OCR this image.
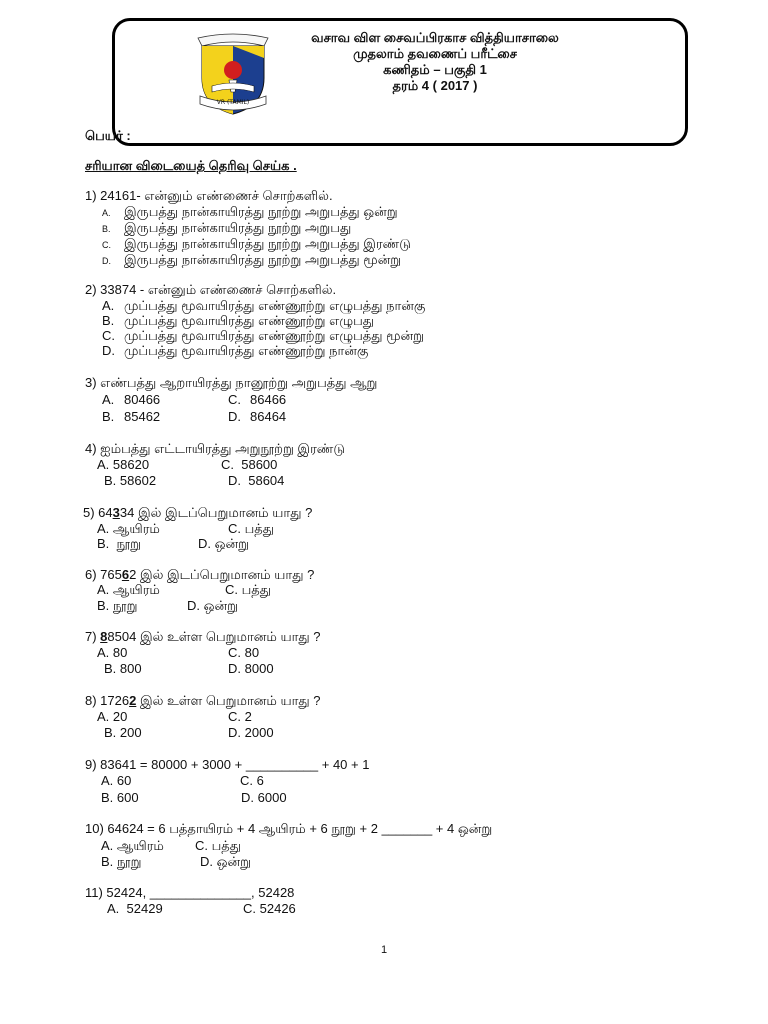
VR (TAMIL)
வசாவ விள சைவப்பிரகாச வித்தியாசாலை
முதலாம் தவணைப் பரீட்சை
கணிதம் – பகுதி 1
தரம் 4 ( 2017 )
பெயர் :
சரியான விடையைத் தெரிவு செய்க .
1) 24161- என்னும் எண்ணைச் சொற்களில்.
A. இருபத்து நான்காயிரத்து நூற்று அறுபத்து ஒன்று
B. இருபத்து நான்காயிரத்து நூற்று அறுபது
C. இருபத்து நான்காயிரத்து நூற்று அறுபத்து இரண்டு
D. இருபத்து நான்காயிரத்து நூற்று அறுபத்து மூன்று
2) 33874 - என்னும் எண்ணைச் சொற்களில்.
A. முப்பத்து மூவாயிரத்து எண்ணூற்று எழுபத்து நான்கு
B. முப்பத்து மூவாயிரத்து எண்ணூற்று எழுபது
C. முப்பத்து மூவாயிரத்து எண்ணூற்று எழுபத்து மூன்று
D. முப்பத்து மூவாயிரத்து எண்ணூற்று நான்கு
3) எண்பத்து ஆறாயிரத்து நானூற்று அறுபத்து ஆறு
A. 80466	C. 86466
B. 85462	D. 86464
4) ஐம்பத்து எட்டாயிரத்து அறுநூற்று இரண்டு
A. 58620	C. 58600
B. 58602	D. 58604
5) 64334 இல் இடப்பெறுமானம் யாது ?
A. ஆயிரம்	C. பத்து
B. நூறு	D. ஒன்று
6) 76562 இல் இடப்பெறுமானம் யாது ?
A. ஆயிரம்	C. பத்து
B. நூறு	D. ஒன்று
7) 88504 இல் உள்ள பெறுமானம் யாது ?
A. 80	C. 80
B. 800	D. 8000
8) 17262 இல் உள்ள பெறுமானம் யாது ?
A. 20	C. 2
B. 200	D. 2000
9) 83641 = 80000 + 3000 + __________ + 40 + 1
A. 60	C. 6
B. 600	D. 6000
10) 64624 = 6 பத்தாயிரம் + 4 ஆயிரம் + 6 நூறு + 2 _______ + 4 ஒன்று
A. ஆயிரம் C. பத்து
B. நூறு	D. ஒன்று
11) 52424, ______________, 52428
A. 52429	C. 52426
1
